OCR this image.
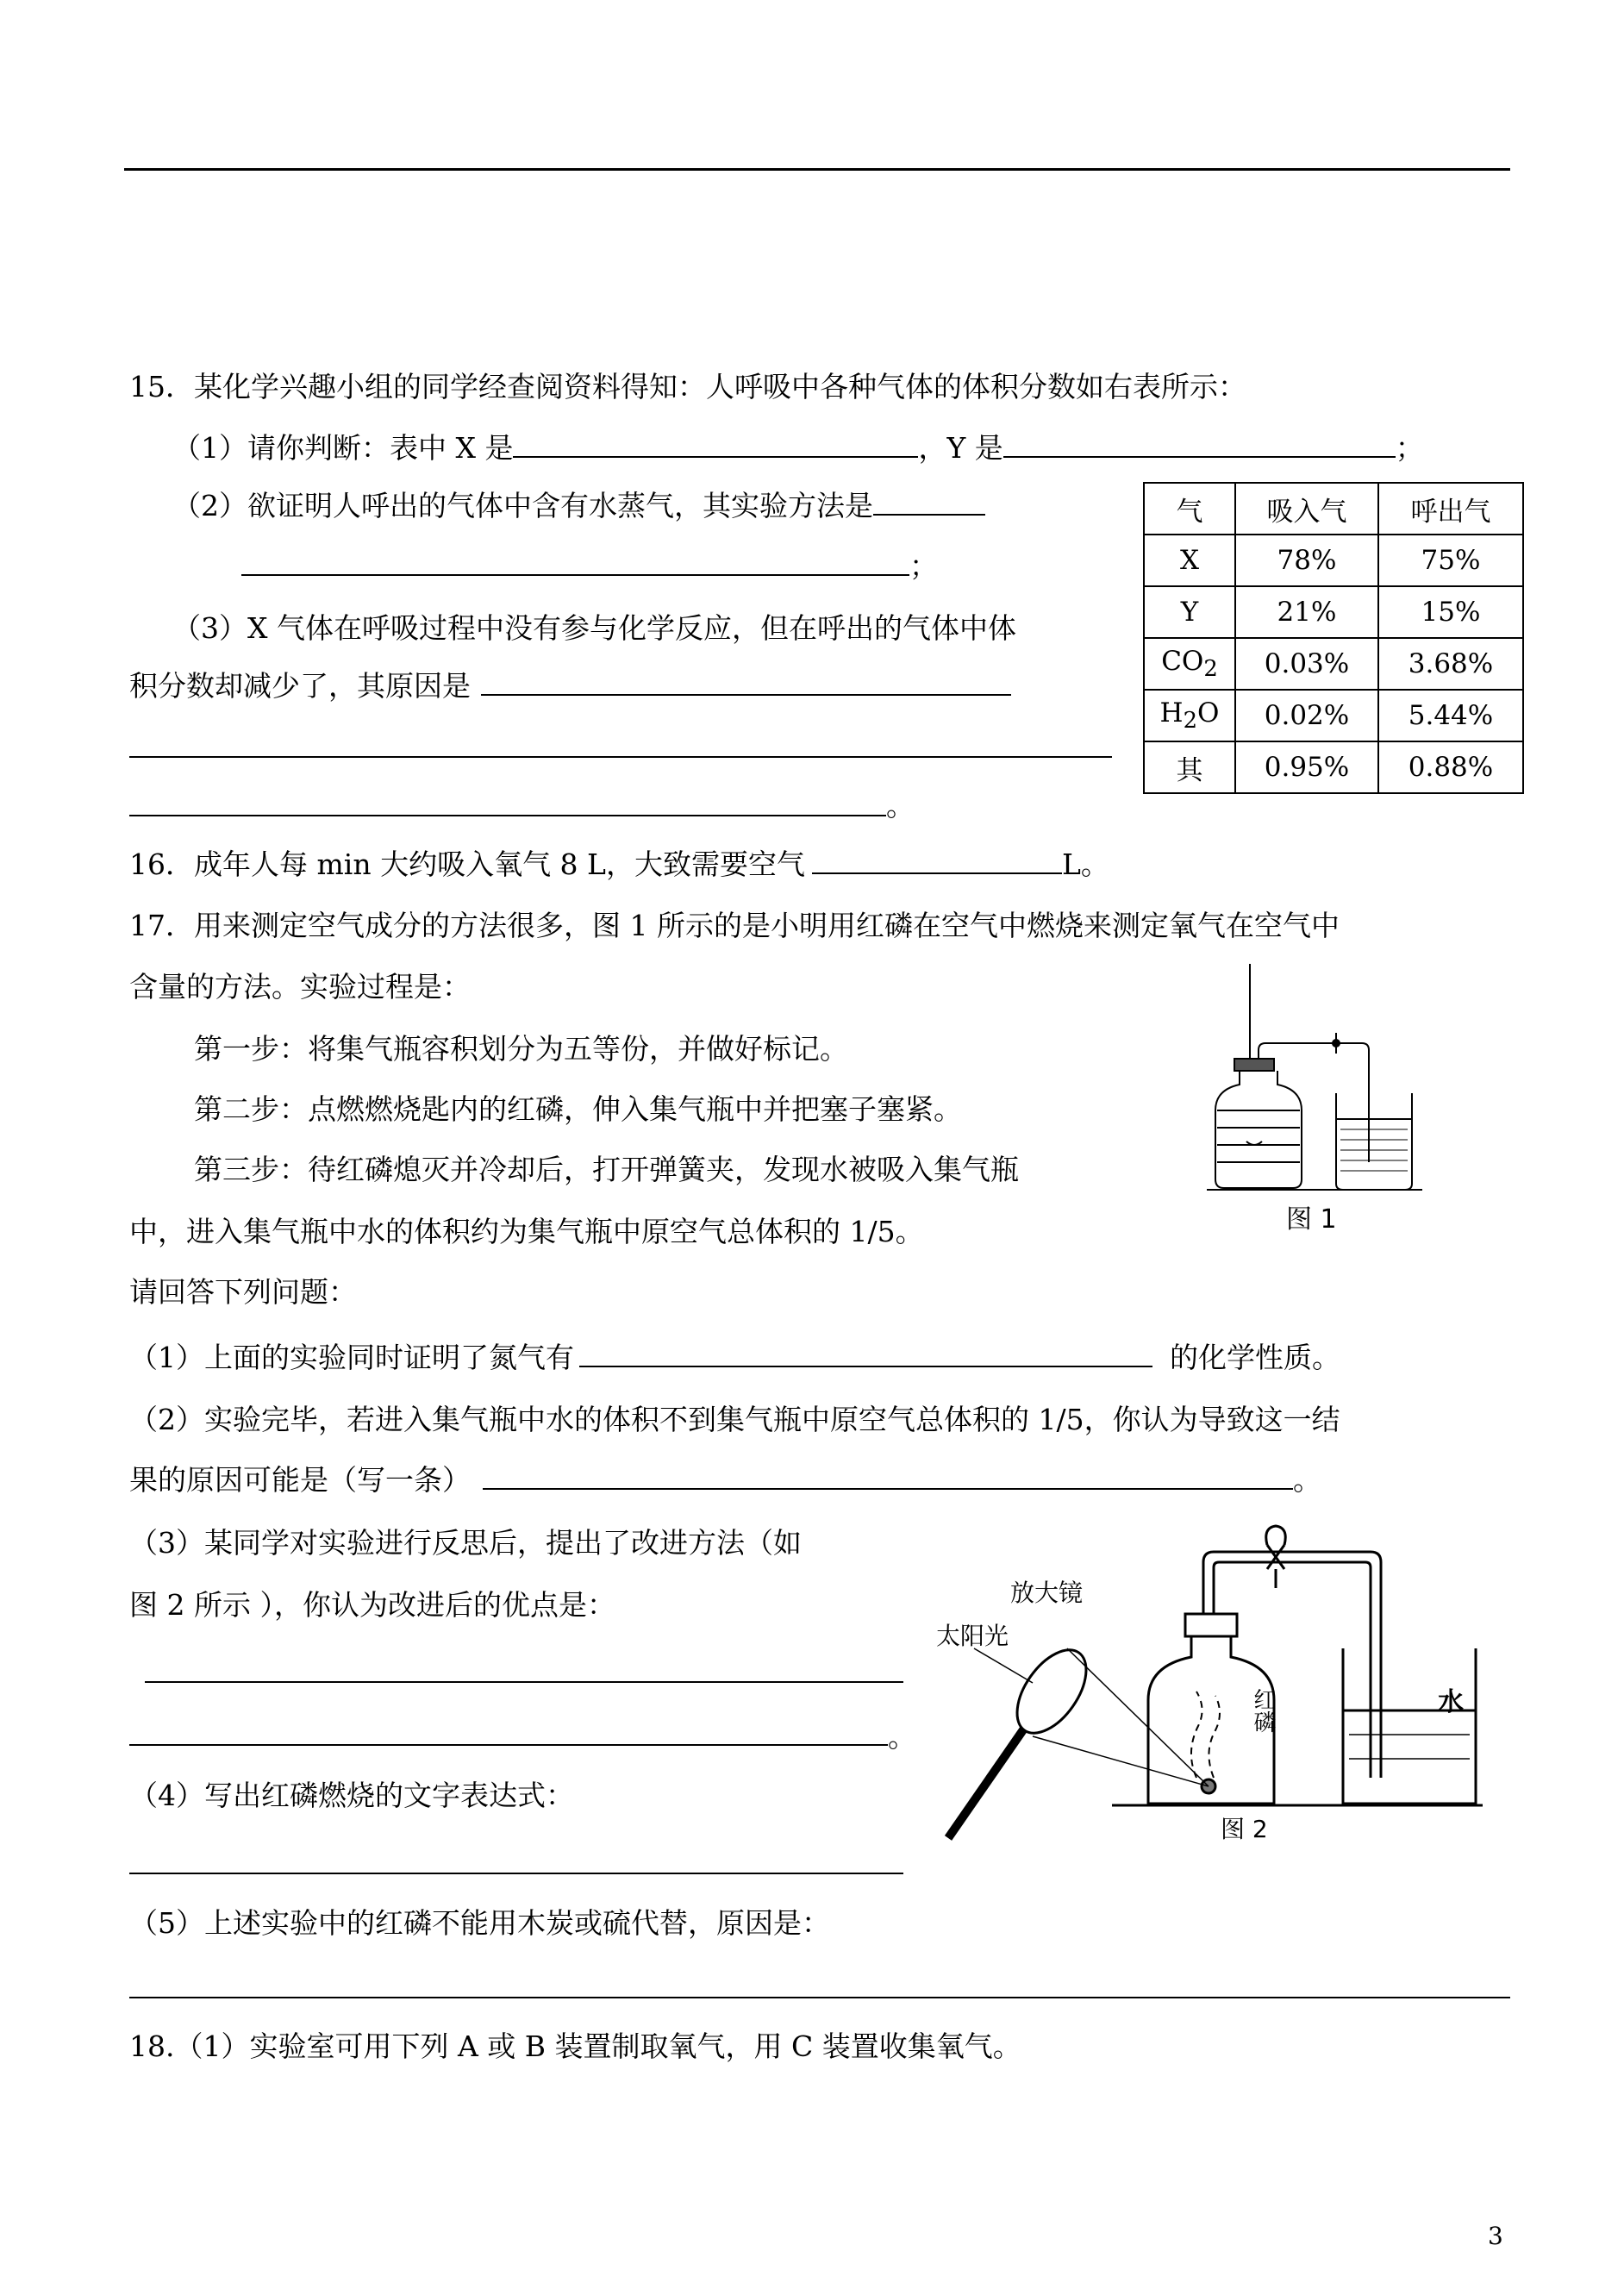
15．某化学兴趣小组的同学经查阅资料得知：人呼吸中各种气体的体积分数如右表所示：
（1）请你判断：表中 X 是	，Y 是	；
（2）欲证明人呼出的气体中含有水蒸气，其实验方法是
；
（3）X 气体在呼吸过程中没有参与化学反应，但在呼出的气体中体
积分数却减少了，其原因是
。
气	吸入气	呼出气
X	78%	75%
Y	21%	15%
$CO_2$	0.03%	3.68%
$H_2O$	0.02%	5.44%
其	0.95%	0.88%
16．成年人每 min 大约吸入氧气 8 L，大致需要空气	L。
17．用来测定空气成分的方法很多，图 1 所示的是小明用红磷在空气中燃烧来测定氧气在空气中
含量的方法。实验过程是：
第一步：将集气瓶容积划分为五等份，并做好标记。
第二步：点燃燃烧匙内的红磷，伸入集气瓶中并把塞子塞紧。
第三步：待红磷熄灭并冷却后，打开弹簧夹，发现水被吸入集气瓶
中，进入集气瓶中水的体积约为集气瓶中原空气总体积的 1/5。
请回答下列问题：
图 1
（1）上面的实验同时证明了氮气有	的化学性质。
（2）实验完毕，若进入集气瓶中水的体积不到集气瓶中原空气总体积的 1/5，你认为导致这一结
果的原因可能是（写一条）	。
（3）某同学对实验进行反思后，提出了改进方法（如
图 2 所示 ），你认为改进后的优点是：
。
（4）写出红磷燃烧的文字表达式：
（5）上述实验中的红磷不能用木炭或硫代替，原因是：
放大镜
太阳光
红磷	水
图 2
18.（1）实验室可用下列 A 或 B 装置制取氧气，用 C 装置收集氧气。
3
